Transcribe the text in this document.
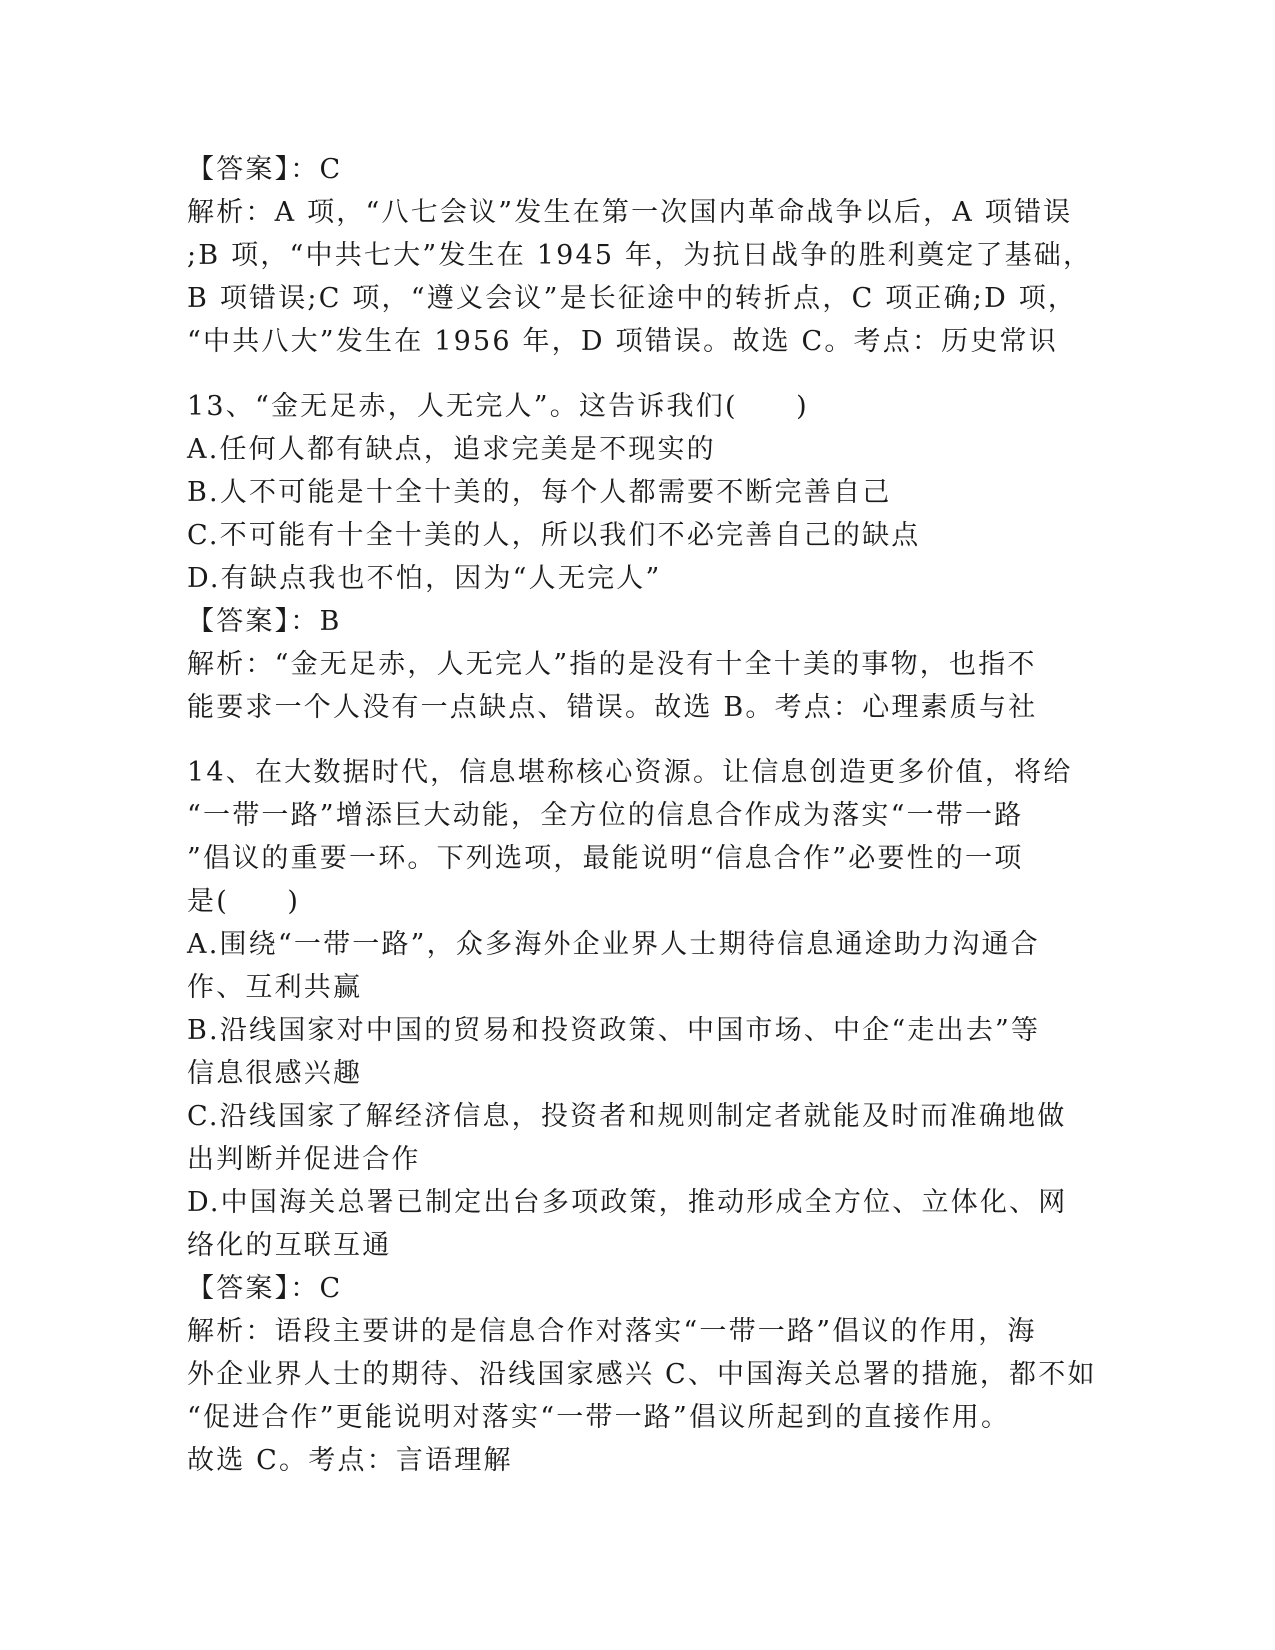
【答案】：C
解析：A 项，“八七会议”发生在第一次国内革命战争以后，A 项错误
;B 项，“中共七大”发生在 1945 年，为抗日战争的胜利奠定了基础，
B 项错误;C 项，“遵义会议”是长征途中的转折点，C 项正确;D 项，
“中共八大”发生在 1956 年，D 项错误。故选 C。考点：历史常识
13、“金无足赤，人无完人”。这告诉我们(　　)
A.任何人都有缺点，追求完美是不现实的
B.人不可能是十全十美的，每个人都需要不断完善自己
C.不可能有十全十美的人，所以我们不必完善自己的缺点
D.有缺点我也不怕，因为“人无完人”
【答案】：B
解析：“金无足赤，人无完人”指的是没有十全十美的事物，也指不
能要求一个人没有一点缺点、错误。故选 B。考点：心理素质与社
14、在大数据时代，信息堪称核心资源。让信息创造更多价值，将给
“一带一路”增添巨大动能，全方位的信息合作成为落实“一带一路
”倡议的重要一环。下列选项，最能说明“信息合作”必要性的一项
是(　　)
A.围绕“一带一路”，众多海外企业界人士期待信息通途助力沟通合
作、互利共赢
B.沿线国家对中国的贸易和投资政策、中国市场、中企“走出去”等
信息很感兴趣
C.沿线国家了解经济信息，投资者和规则制定者就能及时而准确地做
出判断并促进合作
D.中国海关总署已制定出台多项政策，推动形成全方位、立体化、网
络化的互联互通
【答案】：C
解析：语段主要讲的是信息合作对落实“一带一路”倡议的作用，海
外企业界人士的期待、沿线国家感兴 C、中国海关总署的措施，都不如
“促进合作”更能说明对落实“一带一路”倡议所起到的直接作用。
故选 C。考点：言语理解
